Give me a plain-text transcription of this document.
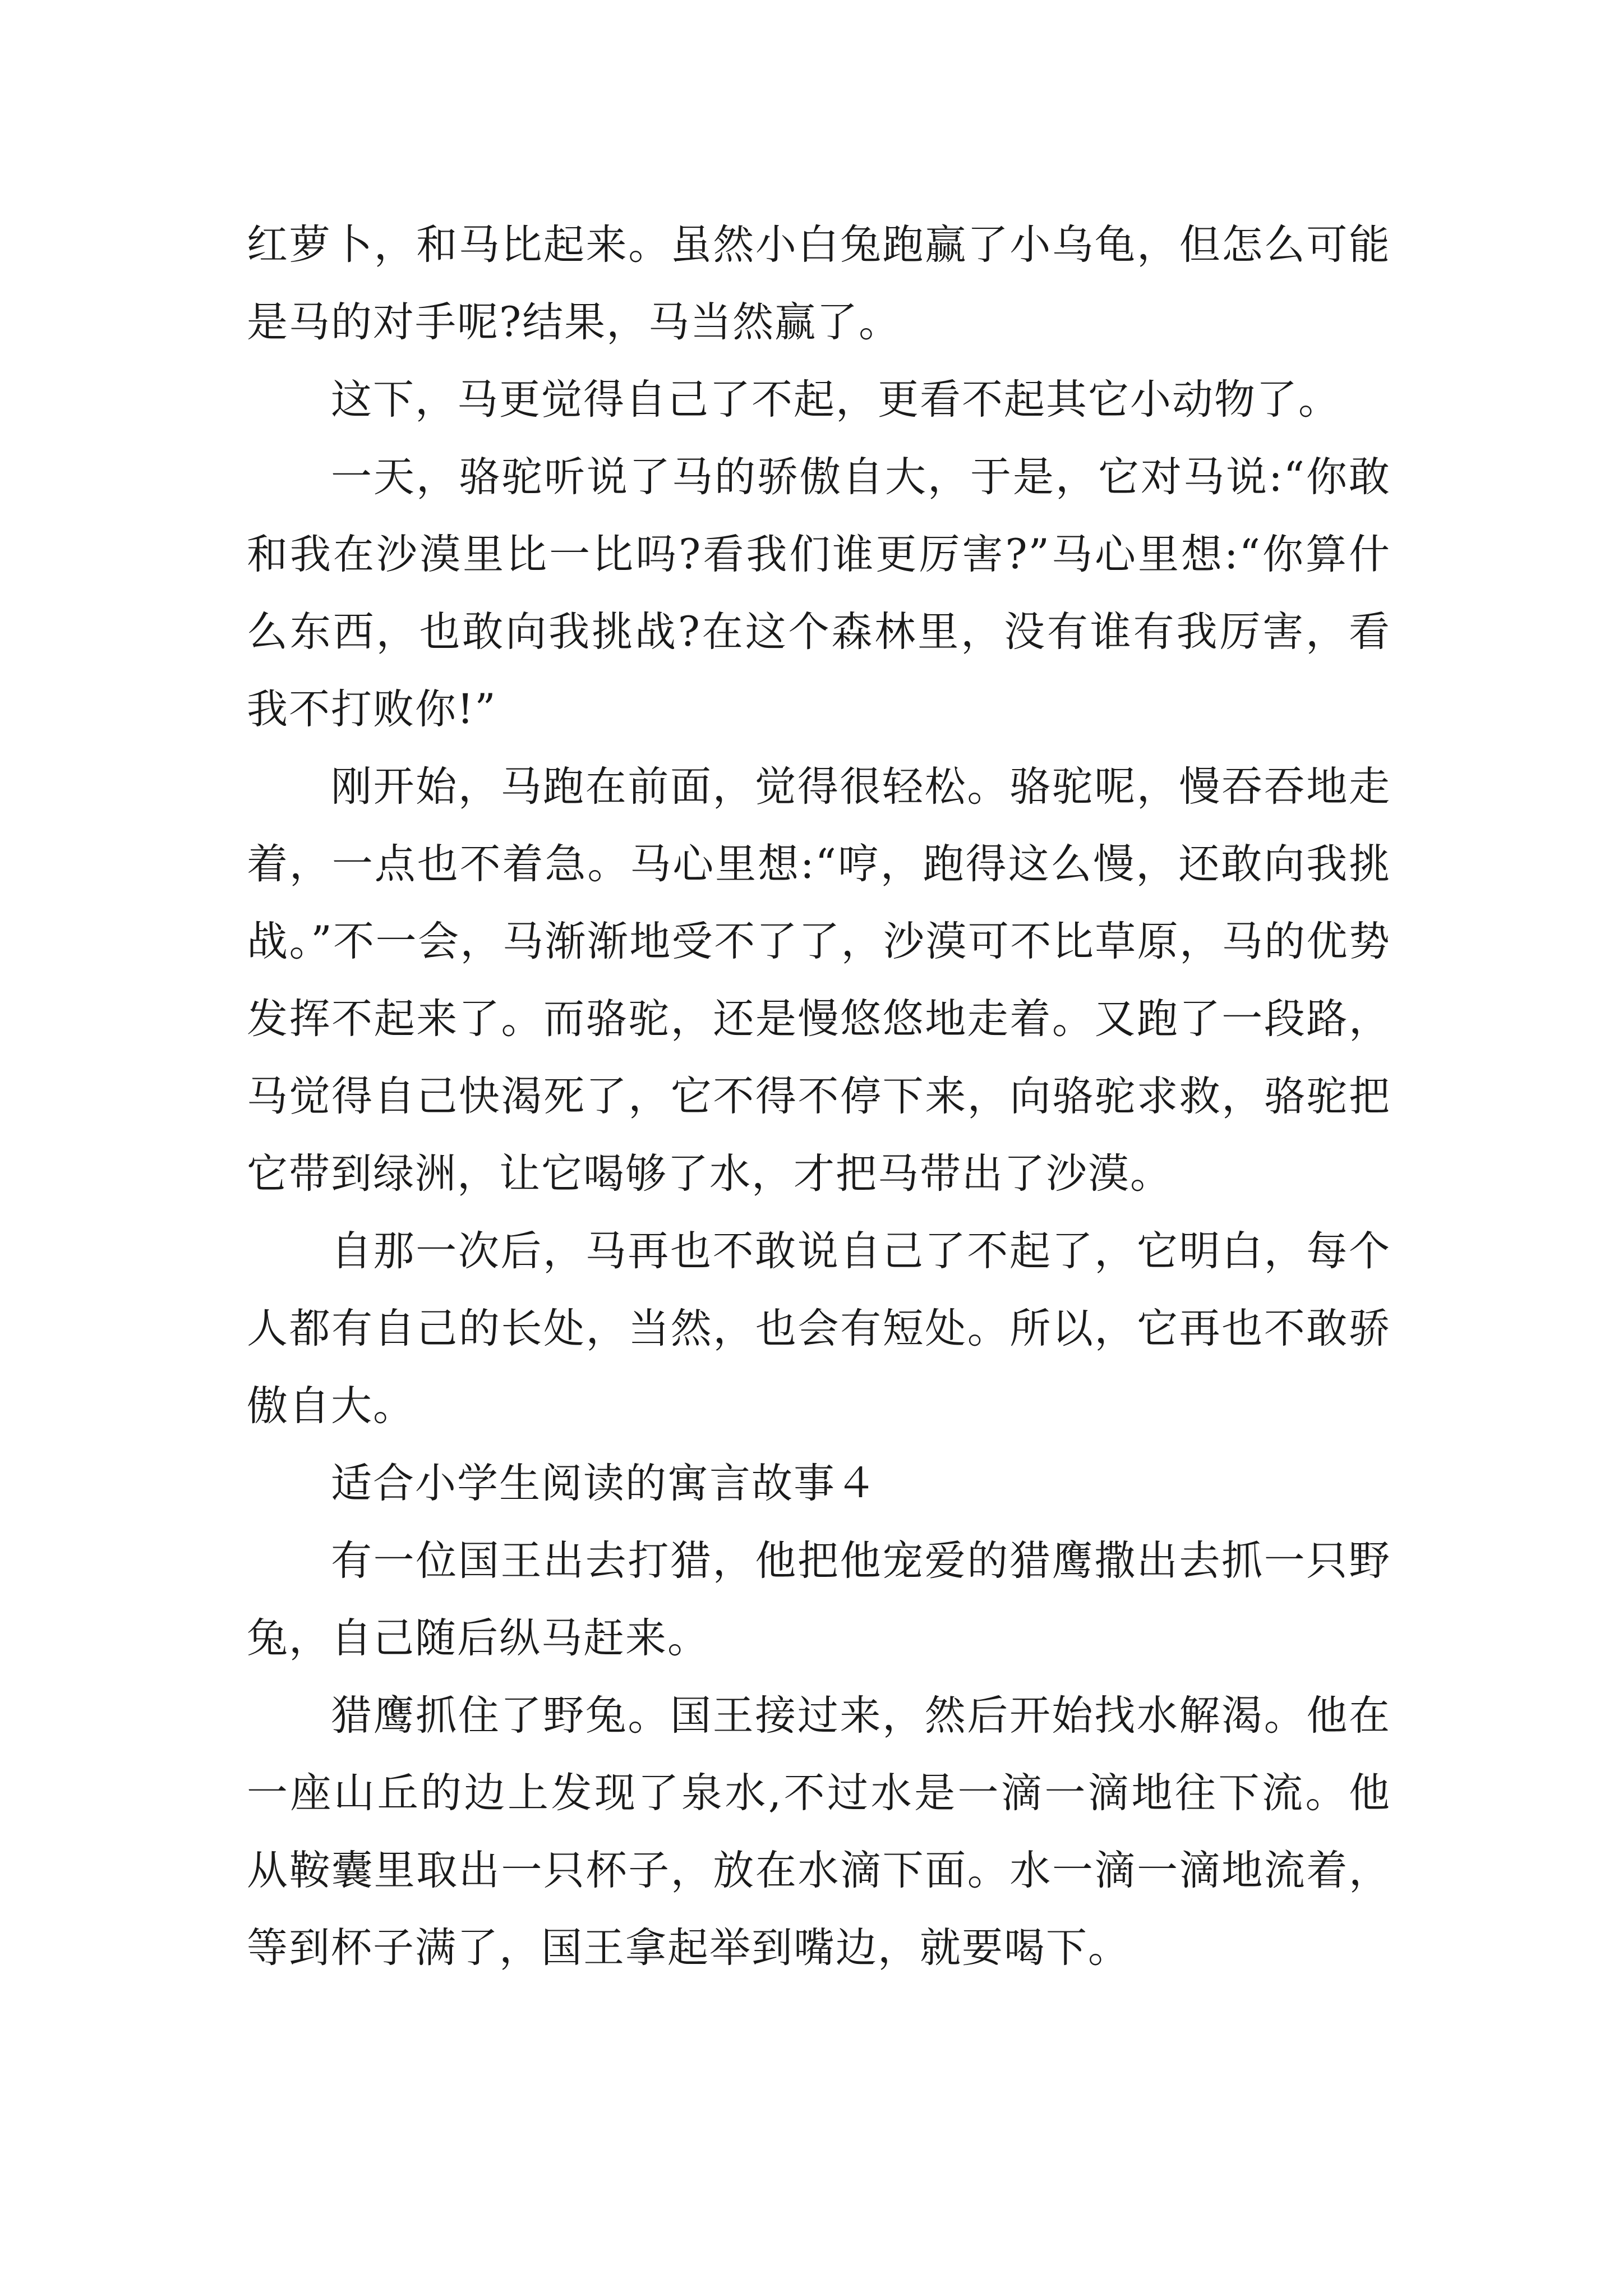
红萝卜，和马比起来。虽然小白兔跑赢了小乌龟，但怎么可能是马的对手呢?结果，马当然赢了。

这下，马更觉得自己了不起，更看不起其它小动物了。

一天，骆驼听说了马的骄傲自大，于是，它对马说:“你敢和我在沙漠里比一比吗?看我们谁更厉害?”马心里想:“你算什么东西，也敢向我挑战?在这个森林里，没有谁有我厉害，看我不打败你!”

刚开始，马跑在前面，觉得很轻松。骆驼呢，慢吞吞地走着，一点也不着急。马心里想:“哼，跑得这么慢，还敢向我挑战。”不一会，马渐渐地受不了了，沙漠可不比草原，马的优势发挥不起来了。而骆驼，还是慢悠悠地走着。又跑了一段路，马觉得自己快渴死了，它不得不停下来，向骆驼求救，骆驼把它带到绿洲，让它喝够了水，才把马带出了沙漠。

自那一次后，马再也不敢说自己了不起了，它明白，每个人都有自己的长处，当然，也会有短处。所以，它再也不敢骄傲自大。

适合小学生阅读的寓言故事４

有一位国王出去打猎，他把他宠爱的猎鹰撒出去抓一只野兔，自己随后纵马赶来。

猎鹰抓住了野兔。国王接过来，然后开始找水解渴。他在一座山丘的边上发现了泉水,不过水是一滴一滴地往下流。他从鞍囊里取出一只杯子，放在水滴下面。水一滴一滴地流着，等到杯子满了，国王拿起举到嘴边，就要喝下。
